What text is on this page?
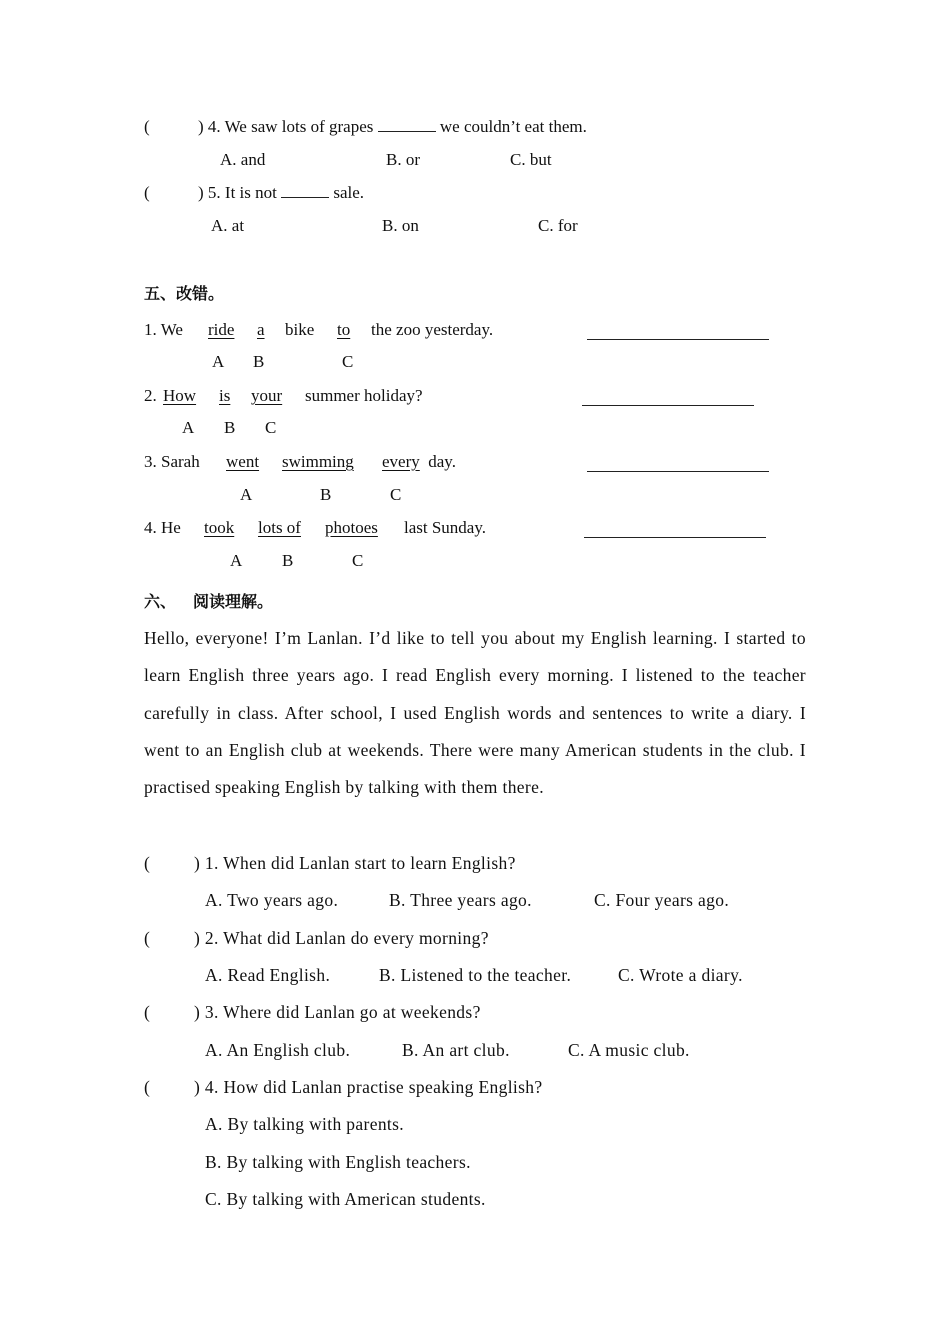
(	) 4. We saw lots of grapes	we couldn’t eat them.
A. and	B. or	C. but
(	) 5. It is not	sale.
A. at	B. on	C. for
五、改错。
1. We ride a bike to the zoo yesterday.
A B	C
2. How is your summer holiday?
A B C
3. Sarah went swimming every day.
A	B	C
4. He took lots of photoes last Sunday.
A B	C
六、 阅读理解。
Hello, everyone! I’m Lanlan. I’d like to tell you about my English learning. I started to learn English three years ago. I read English every morning. I listened to the teacher carefully in class. After school, I used English words and sentences to write a diary. I went to an English club at weekends. There were many American students in the club. I practised speaking English by talking with them there.
(	) 1. When did Lanlan start to learn English?
A. Two years ago.	B. Three years ago.	C. Four years ago.
(	) 2. What did Lanlan do every morning?
A. Read English.	B. Listened to the teacher.	C. Wrote a diary.
(	) 3. Where did Lanlan go at weekends?
A. An English club.	B. An art club.	C. A music club.
(	) 4. How did Lanlan practise speaking English?
A. By talking with parents.
B. By talking with English teachers.
C. By talking with American students.
